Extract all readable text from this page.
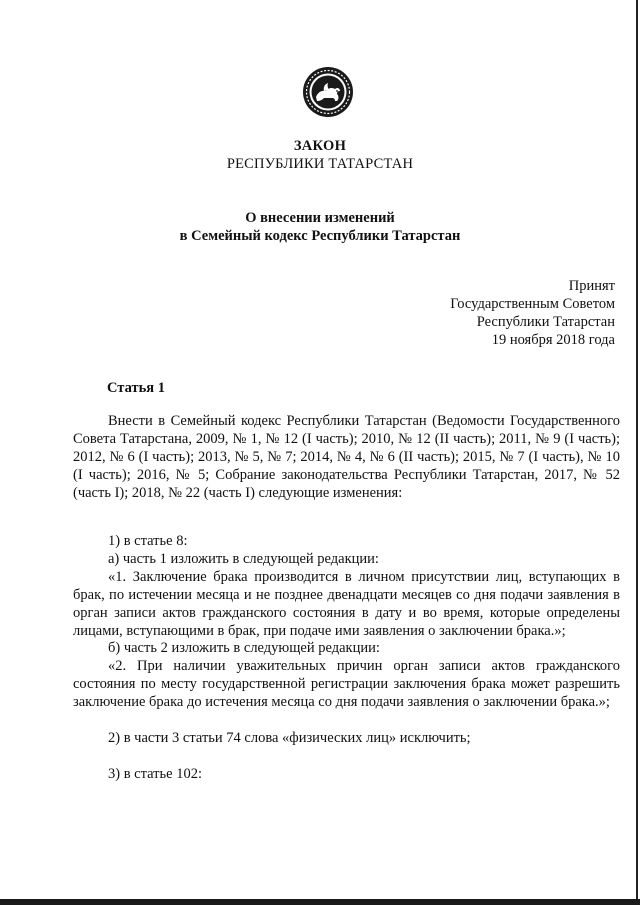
ЗАКОН
РЕСПУБЛИКИ ТАТАРСТАН
О внесении изменений
в Семейный кодекс Республики Татарстан
Принят
Государственным Советом
Республики Татарстан
19 ноября 2018 года
Статья 1
Внести в Семейный кодекс Республики Татарстан (Ведомости Государственного Совета Татарстана, 2009, № 1, № 12 (I часть); 2010, № 12 (II часть); 2011, № 9 (I часть); 2012, № 6 (I часть); 2013, № 5, № 7; 2014, № 4, № 6 (II часть); 2015, № 7 (I часть), № 10 (I часть); 2016, № 5; Собрание законодательства Республики Татарстан, 2017, № 52 (часть I); 2018, № 22 (часть I) следующие изменения:

1) в статье 8:

а) часть 1 изложить в следующей редакции:

«1. Заключение брака производится в личном присутствии лиц, вступающих в брак, по истечении месяца и не позднее двенадцати месяцев со дня подачи заявления в орган записи актов гражданского состояния в дату и во время, которые определены лицами, вступающими в брак, при подаче ими заявления о заключении брака.»;

б) часть 2 изложить в следующей редакции:

«2. При наличии уважительных причин орган записи актов гражданского состояния по месту государственной регистрации заключения брака может разрешить заключение брака до истечения месяца со дня подачи заявления о заключении брака.»;

2) в части 3 статьи 74 слова «физических лиц» исключить;

3) в статье 102:
